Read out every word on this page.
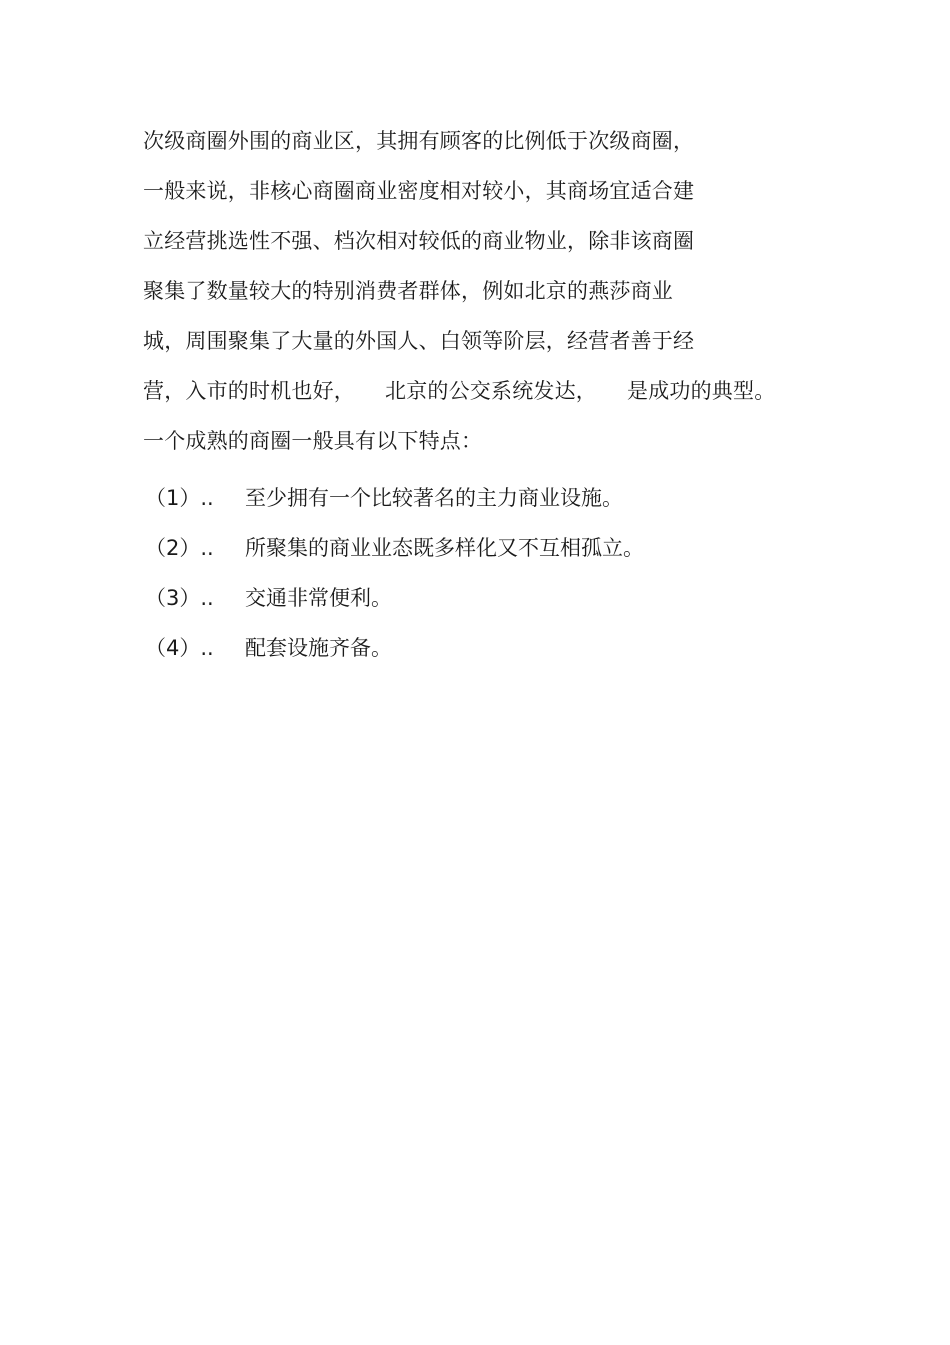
次级商圈外围的商业区，其拥有顾客的比例低于次级商圈，
一般来说，非核心商圈商业密度相对较小，其商场宜适合建
立经营挑选性不强、档次相对较低的商业物业，除非该商圈
聚集了数量较大的特别消费者群体，例如北京的燕莎商业
城，周围聚集了大量的外国人、白领等阶层，经营者善于经
营，入市的时机也好， 北京的公交系统发达， 是成功的典型。
一个成熟的商圈一般具有以下特点：
（1）..	至少拥有一个比较著名的主力商业设施。
（2）..	所聚集的商业业态既多样化又不互相孤立。
（3）..	交通非常便利。
（4）..	配套设施齐备。
